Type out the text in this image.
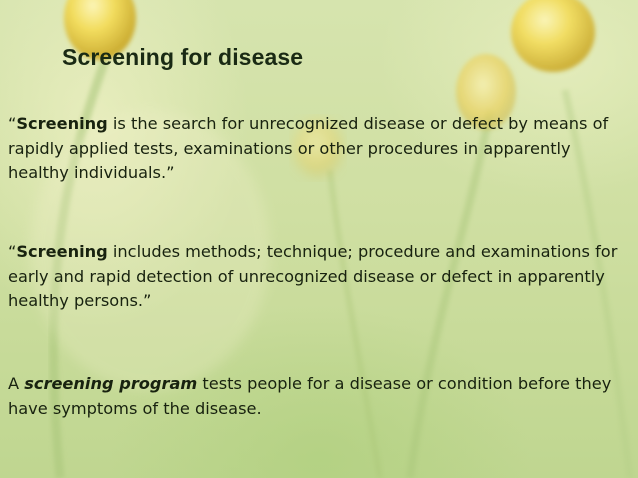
Screening for disease

“Screening is the search for unrecognized disease or defect by means of rapidly applied tests, examinations or other procedures in apparently healthy individuals.”

“Screening includes methods; technique; procedure and examinations for early and rapid detection of unrecognized disease or defect in apparently healthy persons.”

A screening program tests people for a disease or condition before they have symptoms of the disease.
